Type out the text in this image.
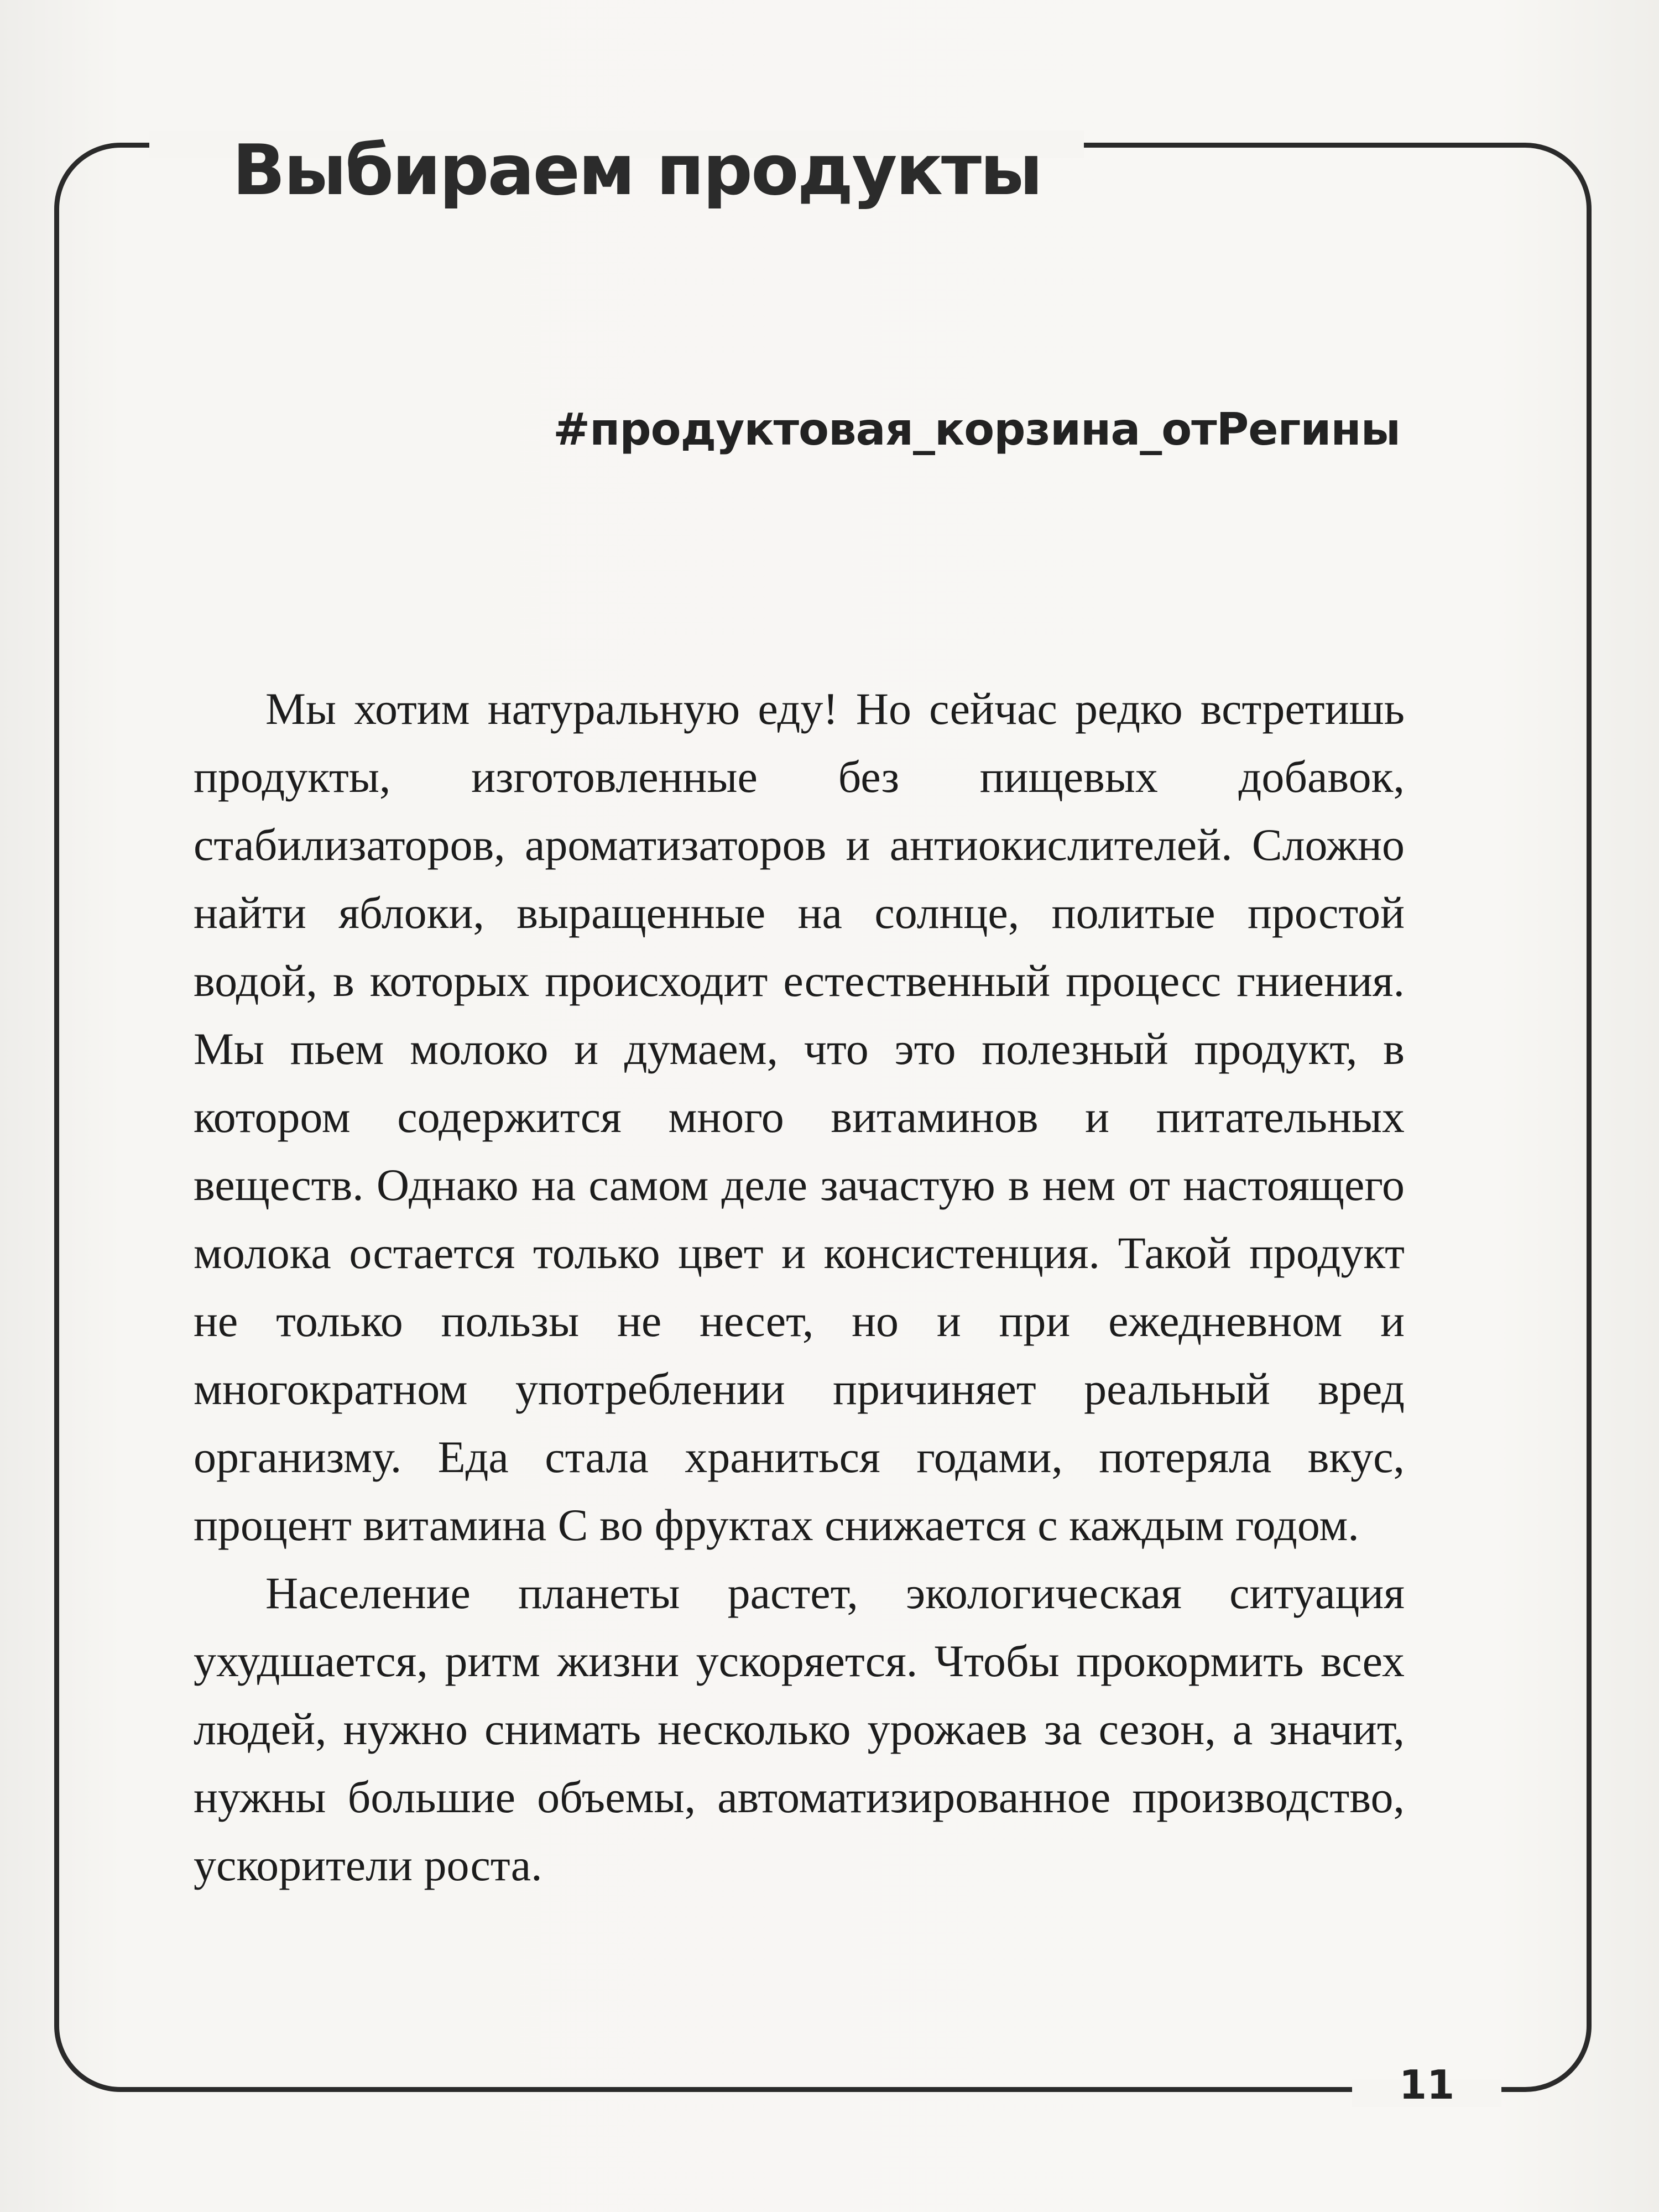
Выбираем продукты
#продуктовая_корзина_отРегины

Мы хотим натуральную еду! Но сейчас редко встретишь продукты, изготовленные без пищевых добавок, стабилизаторов, ароматизаторов и антиокислителей. Сложно найти яблоки, выращенные на солнце, политые простой водой, в которых происходит естественный процесс гниения. Мы пьем молоко и думаем, что это полезный продукт, в котором содержится много витаминов и питательных веществ. Однако на самом деле зачастую в нем от настоящего молока остается только цвет и консистенция. Такой продукт не только пользы не несет, но и при ежедневном и многократном употреблении причиняет реальный вред организму. Еда стала храниться годами, потеряла вкус, процент витамина С во фруктах снижается с каждым годом.

Население планеты растет, экологическая ситуация ухудшается, ритм жизни ускоряется. Чтобы прокормить всех людей, нужно снимать несколько урожаев за сезон, а значит, нужны большие объемы, автоматизированное производство, ускорители роста.

11
